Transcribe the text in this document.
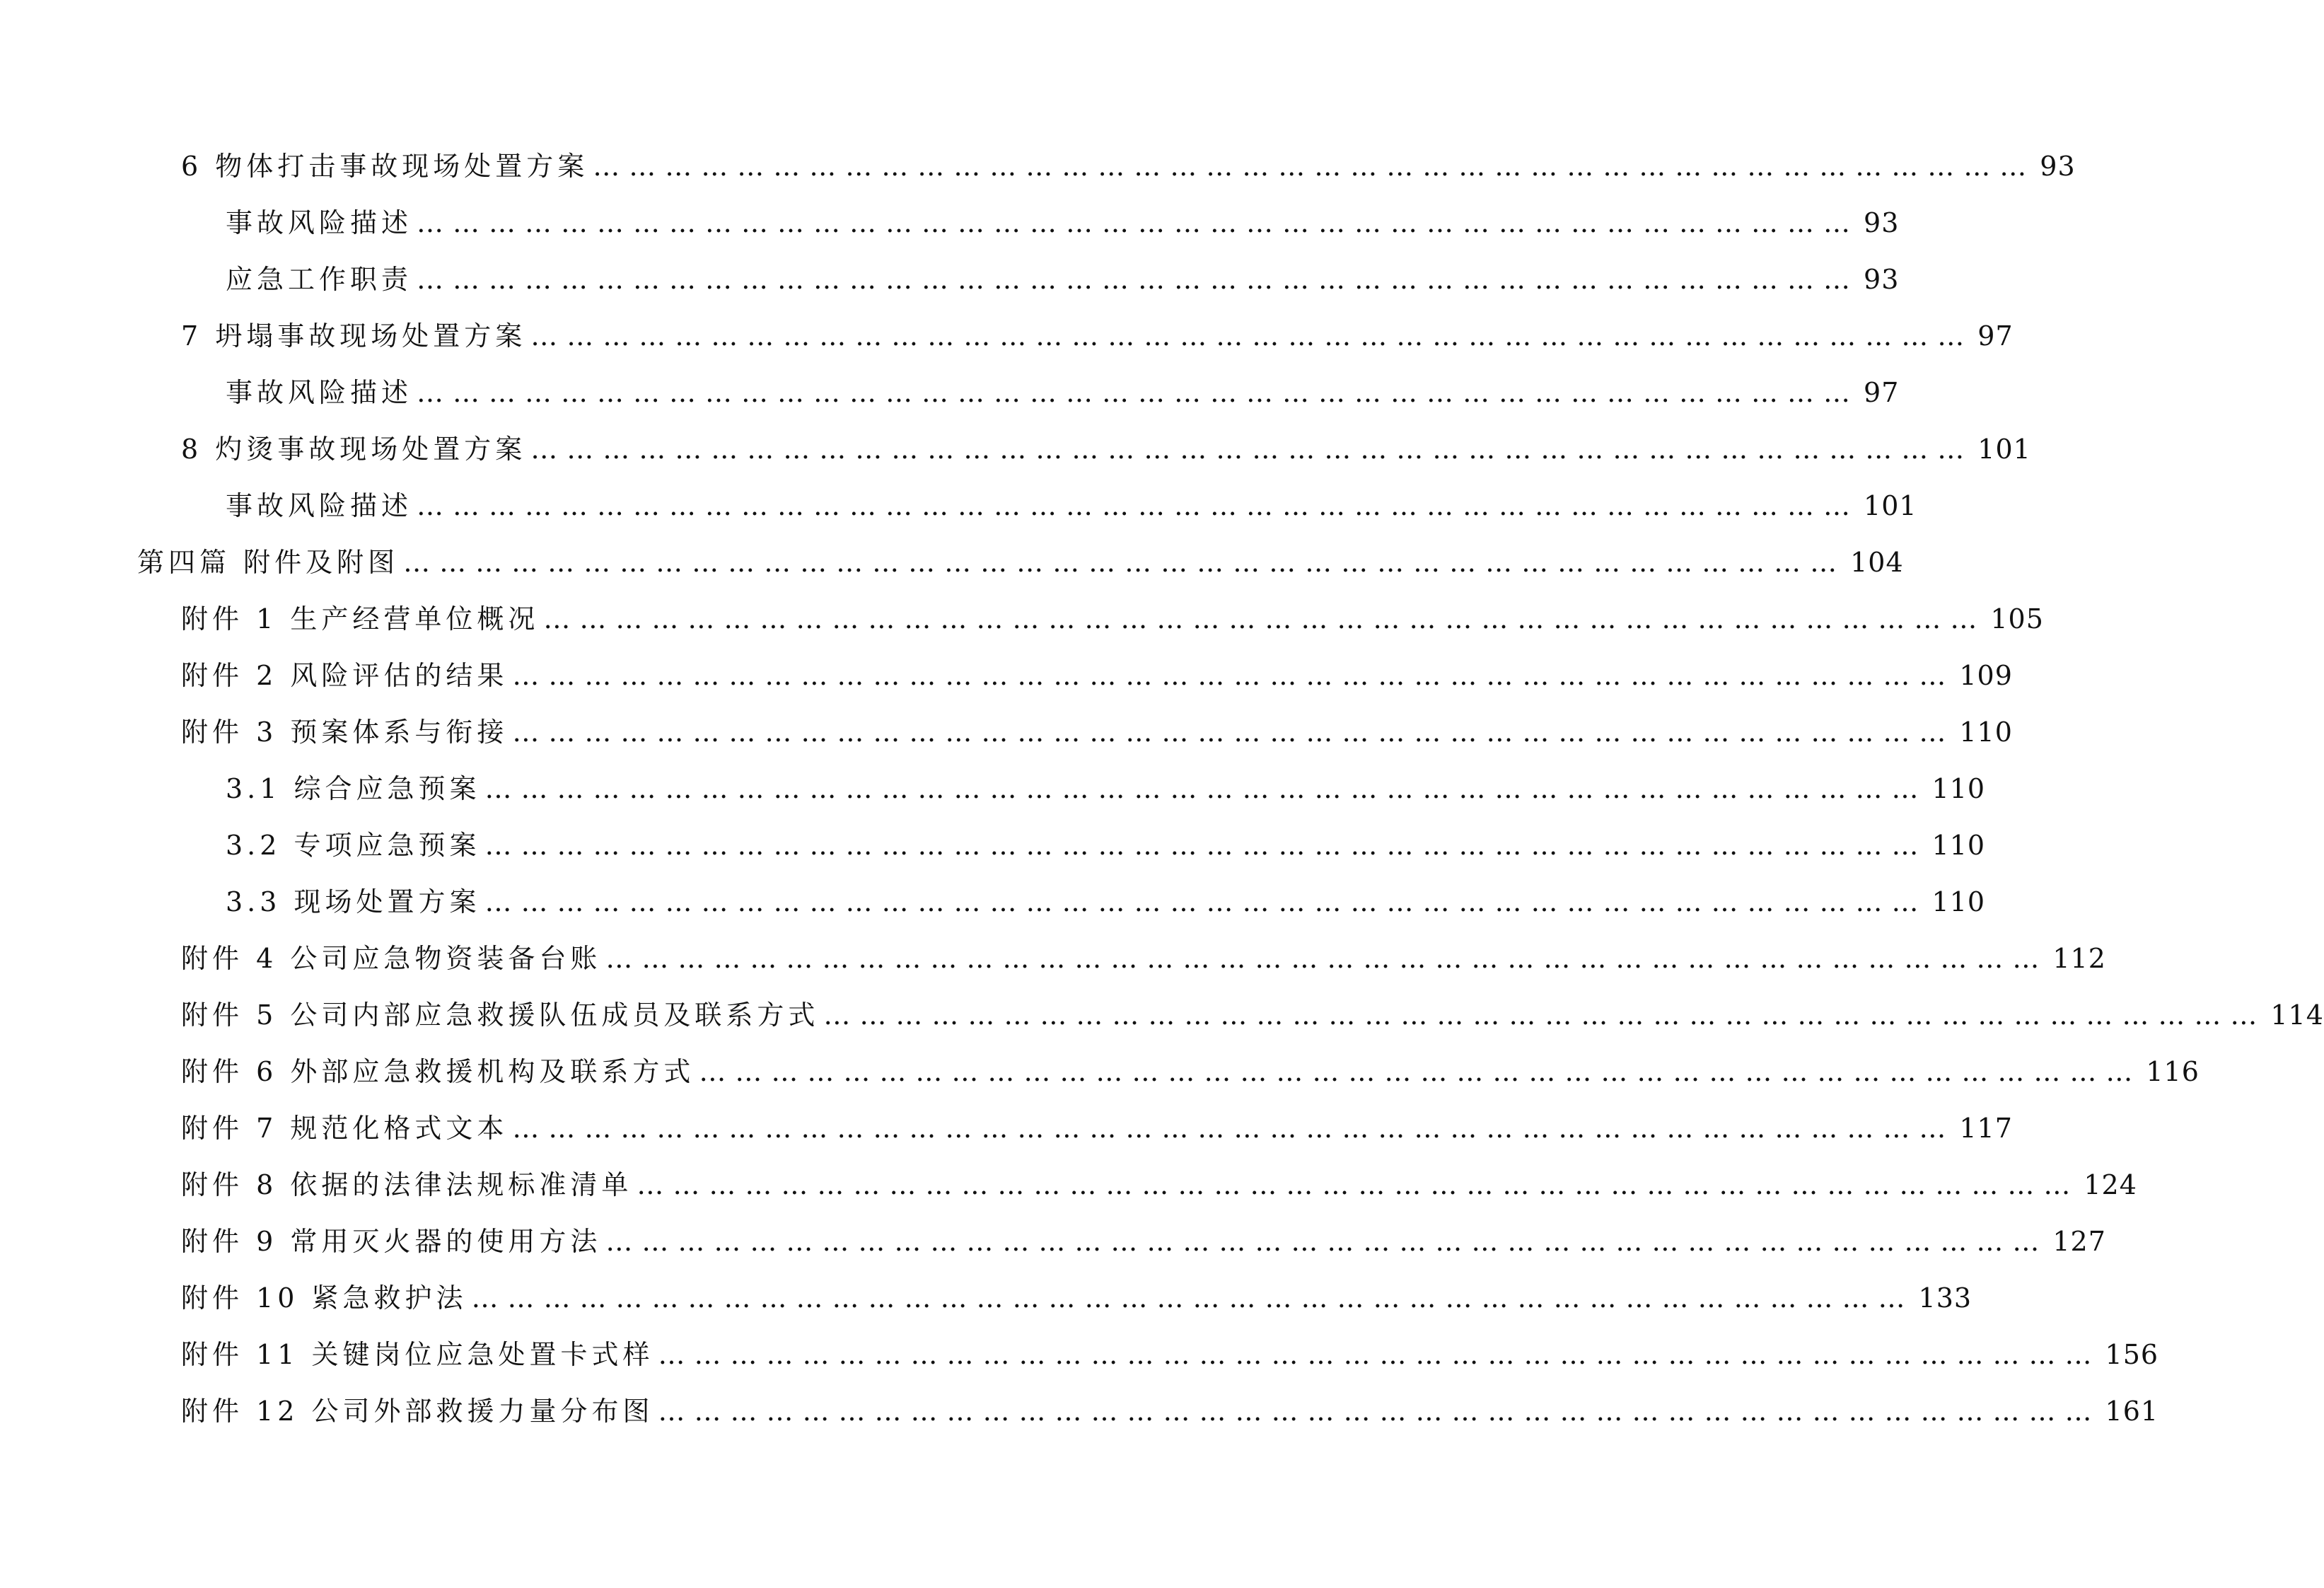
6 物体打击事故现场处置方案 ………………………………………………………………………………………………………… 93
事故风险描述 ………………………………………………………………………………………………………… 93
应急工作职责 ………………………………………………………………………………………………………… 93
7 坍塌事故现场处置方案 ………………………………………………………………………………………………………… 97
事故风险描述 ………………………………………………………………………………………………………… 97
8 灼烫事故现场处置方案 ………………………………………………………………………………………………………… 101
事故风险描述 ………………………………………………………………………………………………………… 101
第四篇 附件及附图 ………………………………………………………………………………………………………… 104
附件 1 生产经营单位概况 ………………………………………………………………………………………………………… 105
附件 2 风险评估的结果 ………………………………………………………………………………………………………… 109
附件 3 预案体系与衔接 ………………………………………………………………………………………………………… 110
3.1 综合应急预案 ………………………………………………………………………………………………………… 110
3.2 专项应急预案 ………………………………………………………………………………………………………… 110
3.3 现场处置方案 ………………………………………………………………………………………………………… 110
附件 4 公司应急物资装备台账 ………………………………………………………………………………………………………… 112
附件 5 公司内部应急救援队伍成员及联系方式 ………………………………………………………………………………………………………… 114
附件 6 外部应急救援机构及联系方式 ………………………………………………………………………………………………………… 116
附件 7 规范化格式文本 ………………………………………………………………………………………………………… 117
附件 8 依据的法律法规标准清单 ………………………………………………………………………………………………………… 124
附件 9 常用灭火器的使用方法 ………………………………………………………………………………………………………… 127
附件 10 紧急救护法 ………………………………………………………………………………………………………… 133
附件 11 关键岗位应急处置卡式样 ………………………………………………………………………………………………………… 156
附件 12 公司外部救援力量分布图 ………………………………………………………………………………………………………… 161
